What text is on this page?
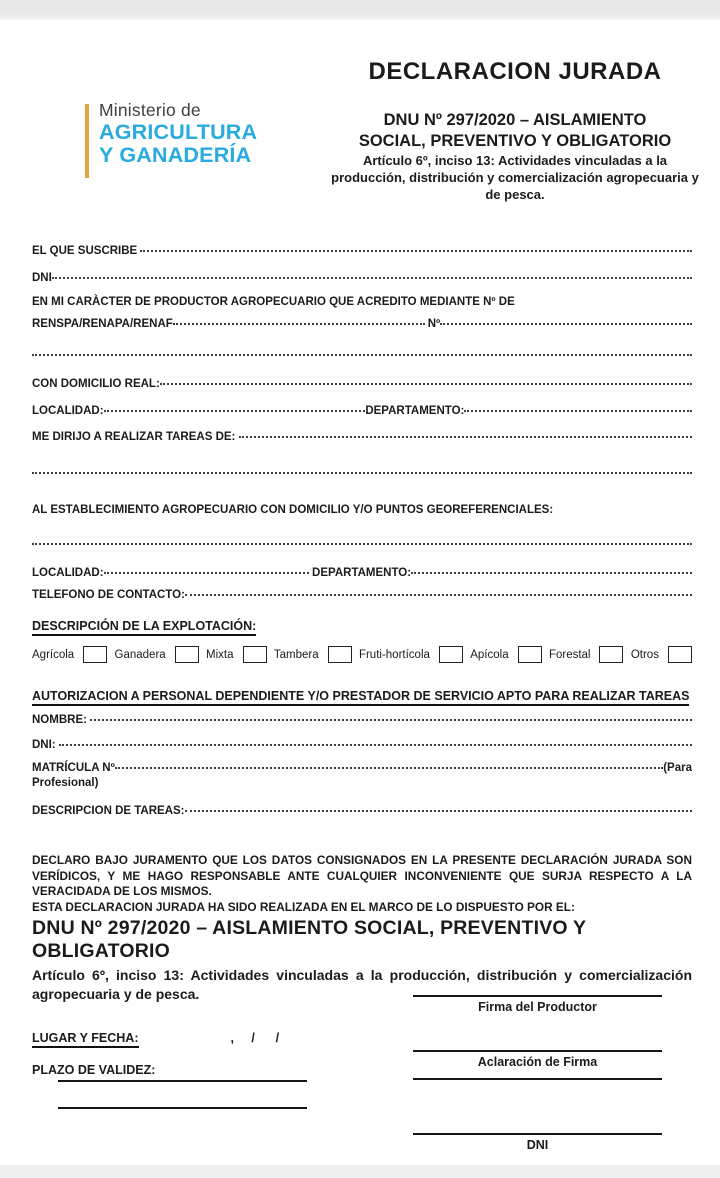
Ministerio de
AGRICULTURA
Y GANADERÍA
DECLARACION JURADA
DNU Nº 297/2020 – AISLAMIENTO
SOCIAL, PREVENTIVO Y OBLIGATORIO
Artículo 6º, inciso 13: Actividades vinculadas a la producción, distribución y comercialización agropecuaria y de pesca.
EL QUE SUSCRIBE
DNI
EN MI CARÀCTER DE PRODUCTOR AGROPECUARIO QUE ACREDITO MEDIANTE Nº DE
RENSPA/RENAPA/RENAF	Nº
CON DOMICILIO REAL:
LOCALIDAD:	DEPARTAMENTO:
ME DIRIJO A REALIZAR TAREAS DE:
AL ESTABLECIMIENTO AGROPECUARIO CON DOMICILIO Y/O PUNTOS GEOREFERENCIALES:
LOCALIDAD:	DEPARTAMENTO:
TELEFONO DE CONTACTO:
DESCRIPCIÓN DE LA EXPLOTACIÓN:
Agrícola	Ganadera	Mixta	Tambera	Fruti-hortícola	Apícola	Forestal	Otros
AUTORIZACION A PERSONAL DEPENDIENTE Y/O PRESTADOR DE SERVICIO APTO PARA REALIZAR TAREAS
NOMBRE:
DNI:
MATRÍCULA Nº	(Para
Profesional)
DESCRIPCION DE TAREAS:
DECLARO BAJO JURAMENTO QUE LOS DATOS CONSIGNADOS EN LA PRESENTE DECLARACIÓN JURADA SON VERÍDICOS, Y ME HAGO RESPONSABLE ANTE CUALQUIER INCONVENIENTE QUE SURJA RESPECTO A LA VERACIDADA DE LOS MISMOS.
ESTA DECLARACION JURADA HA SIDO REALIZADA EN EL MARCO DE LO DISPUESTO POR EL:
DNU Nº 297/2020 – AISLAMIENTO SOCIAL, PREVENTIVO Y OBLIGATORIO
Artículo 6º, inciso 13: Actividades vinculadas a la producción, distribución y comercialización agropecuaria y de pesca.
LUGAR Y FECHA:	,     /      /
PLAZO DE VALIDEZ:
Firma del Productor
Aclaración de Firma
DNI
